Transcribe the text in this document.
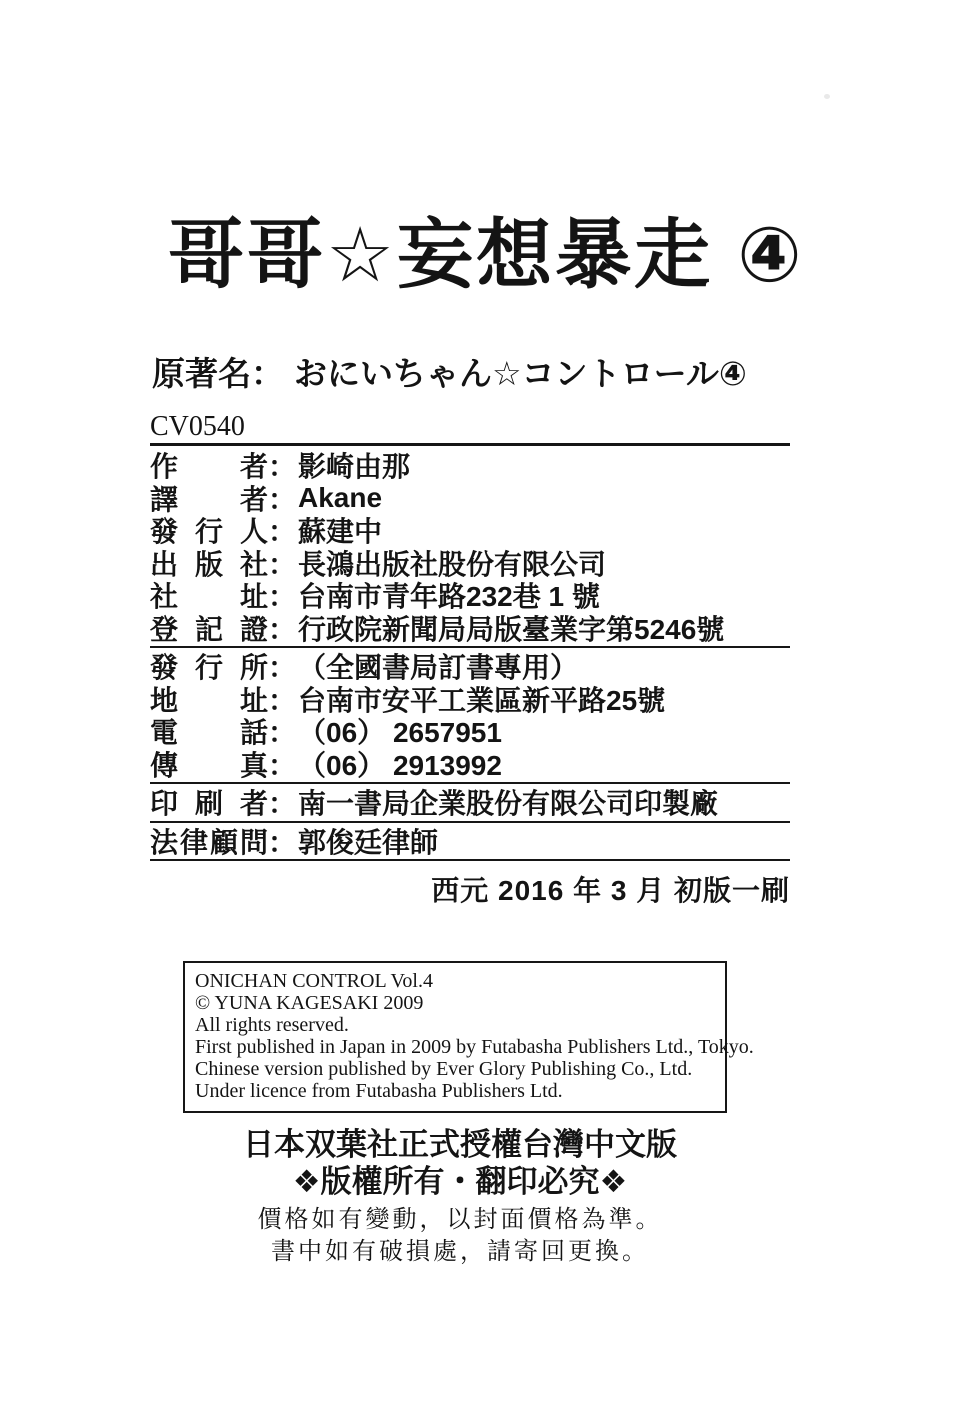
哥哥☆妄想暴走 ④
原著名： おにいちゃん☆コントロール④
CV0540
作 者 ： 影崎由那
譯 者 ： Akane
發 行 人 ： 蘇建中
出 版 社 ： 長鴻出版社股份有限公司
社 址 ： 台南市青年路232巷 1 號
登 記 證 ： 行政院新聞局局版臺業字第5246號
發 行 所 ： （全國書局訂書專用）
地 址 ： 台南市安平工業區新平路25號
電 話 ： （06） 2657951
傳 真 ： （06） 2913992
印 刷 者 ： 南一書局企業股份有限公司印製廠
法 律 顧 問 ： 郭俊廷律師
西元 2016 年 3 月 初版一刷
ONICHAN CONTROL Vol.4
© YUNA KAGESAKI 2009
All rights reserved.
First published in Japan in 2009 by Futabasha Publishers Ltd., Tokyo.
Chinese version published by Ever Glory Publishing Co., Ltd.
Under licence from Futabasha Publishers Ltd.
日本双葉社正式授權台灣中文版
❖版權所有・翻印必究❖
價格如有變動，以封面價格為準。
書中如有破損處，請寄回更換。
